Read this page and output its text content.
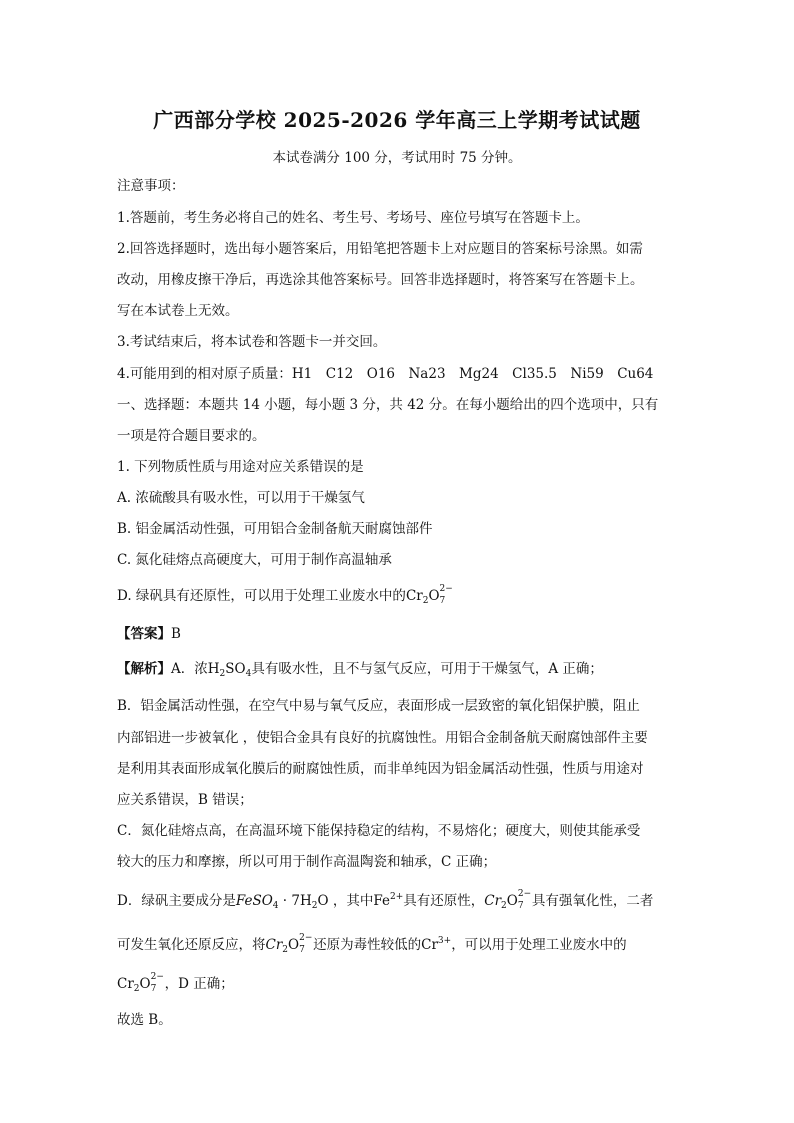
广西部分学校 2025-2026 学年高三上学期考试试题
本试卷满分 100 分，考试用时 75 分钟。
注意事项：
1.答题前，考生务必将自己的姓名、考生号、考场号、座位号填写在答题卡上。
2.回答选择题时，选出每小题答案后，用铅笔把答题卡上对应题目的答案标号涂黑。如需
改动，用橡皮擦干净后，再选涂其他答案标号。回答非选择题时，将答案写在答题卡上。
写在本试卷上无效。
3.考试结束后，将本试卷和答题卡一并交回。
4.可能用到的相对原子质量：H1　C12　O16　Na23　Mg24　Cl35.5　Ni59　Cu64
一、选择题：本题共 14 小题，每小题 3 分，共 42 分。在每小题给出的四个选项中，只有
一项是符合题目要求的。
1. 下列物质性质与用途对应关系错误的是
A. 浓硫酸具有吸水性，可以用于干燥氢气
B. 铝金属活动性强，可用铝合金制备航天耐腐蚀部件
C. 氮化硅熔点高硬度大，可用于制作高温轴承
D. 绿矾具有还原性，可以用于处理工业废水中的$Cr_2O$ 2−
7
【答案】B
【解析】A．浓$H_2SO_4$具有吸水性，且不与氢气反应，可用于干燥氢气，A 正确；
B．铝金属活动性强，在空气中易与氧气反应，表面形成一层致密的氧化铝保护膜，阻止
内部铝进一步被氧化 ，使铝合金具有良好的抗腐蚀性。用铝合金制备航天耐腐蚀部件主要
是利用其表面形成氧化膜后的耐腐蚀性质，而非单纯因为铝金属活动性强，性质与用途对
应关系错误，B 错误；
C．氮化硅熔点高，在高温环境下能保持稳定的结构，不易熔化；硬度大，则使其能承受
较大的压力和摩擦，所以可用于制作高温陶瓷和轴承，C 正确；
D．绿矾主要成分是FeSO$_4$ · $7H_2O$ ，其中$Fe^{2+}$具有还原性，$Cr_2O$ 2−
7 具有强氧化性，二者
可发生氧化还原反应，将$Cr_2O$ 2−
7 还原为毒性较低的$Cr^{3+}$，可以用于处理工业废水中的
$Cr_2O$ 2−
7 ，D 正确；
故选 B。
